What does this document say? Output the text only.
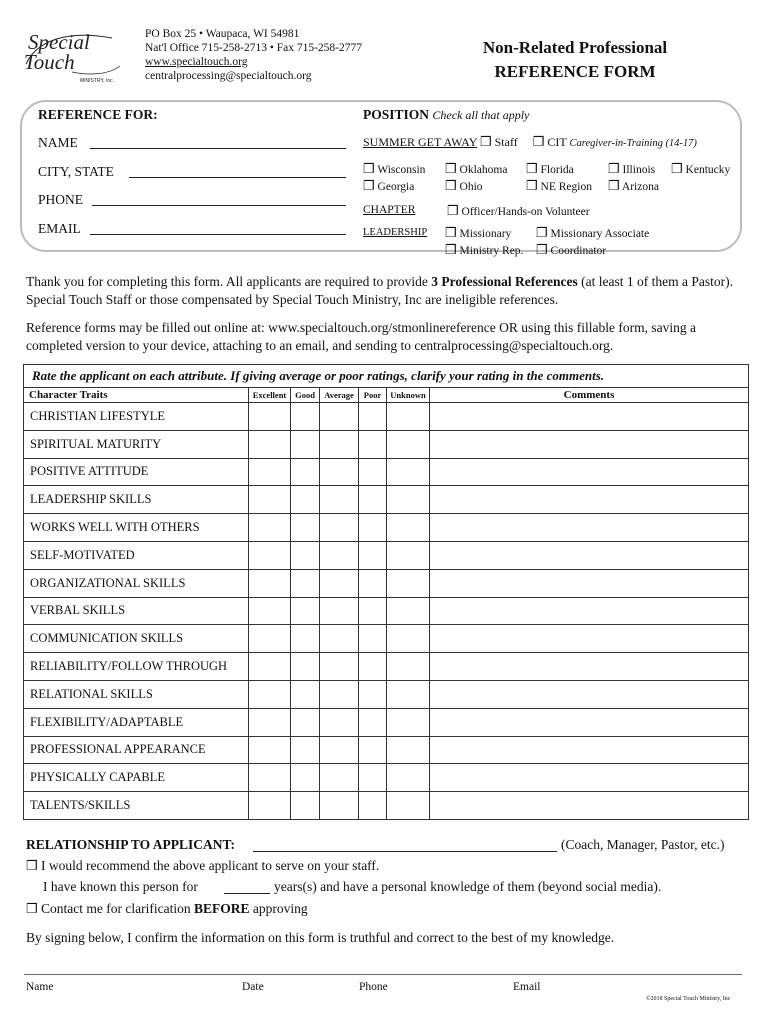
Special
Touch
MINISTRY, Inc.
PO Box 25 • Waupaca, WI 54981
Nat'l Office 715-258-2713 • Fax 715-258-2777
www.specialtouch.org
centralprocessing@specialtouch.org
Non-Related Professional
REFERENCE FORM
REFERENCE FOR:
NAME
CITY, STATE
PHONE
EMAIL
POSITION Check all that apply
SUMMER GET AWAY ❒ Staff ❒ CIT Caregiver-in-Training (14-17)
❒ Wisconsin ❒ Oklahoma ❒ Florida	❒ Illinois ❒ Kentucky
❒ Georgia ❒ Ohio	❒ NE Region ❒ Arizona
CHAPTER ❒ Officer/Hands-on Volunteer
LEADERSHIP ❒ Missionary ❒ Missionary Associate
❒ Ministry Rep. ❒ Coordinator
Thank you for completing this form. All applicants are required to provide 3 Professional References (at least 1 of them a Pastor). Special Touch Staff or those compensated by Special Touch Ministry, Inc are ineligible references.
Reference forms may be filled out online at: www.specialtouch.org/stmonlinereference OR using this fillable form, saving a completed version to your device, attaching to an email, and sending to centralprocessing@specialtouch.org.
Rate the applicant on each attribute. If giving average or poor ratings, clarify your rating in the comments.						
Character Traits	Excellent	Good	Average	Poor	Unknown	Comments
CHRISTIAN LIFESTYLE						
SPIRITUAL MATURITY						
POSITIVE ATTITUDE						
LEADERSHIP SKILLS						
WORKS WELL WITH OTHERS						
SELF-MOTIVATED						
ORGANIZATIONAL SKILLS						
VERBAL SKILLS						
COMMUNICATION SKILLS						
RELIABILITY/FOLLOW THROUGH						
RELATIONAL SKILLS						
FLEXIBILITY/ADAPTABLE						
PROFESSIONAL APPEARANCE						
PHYSICALLY CAPABLE						
TALENTS/SKILLS						
RELATIONSHIP TO APPLICANT:	(Coach, Manager, Pastor, etc.)
❒ I would recommend the above applicant to serve on your staff.
I have known this person for	years(s) and have a personal knowledge of them (beyond social media).
❒ Contact me for clarification BEFORE approving
By signing below, I confirm the information on this form is truthful and correct to the best of my knowledge.
Name	Date	Phone	Email
©2018 Special Touch Ministry, Inc
